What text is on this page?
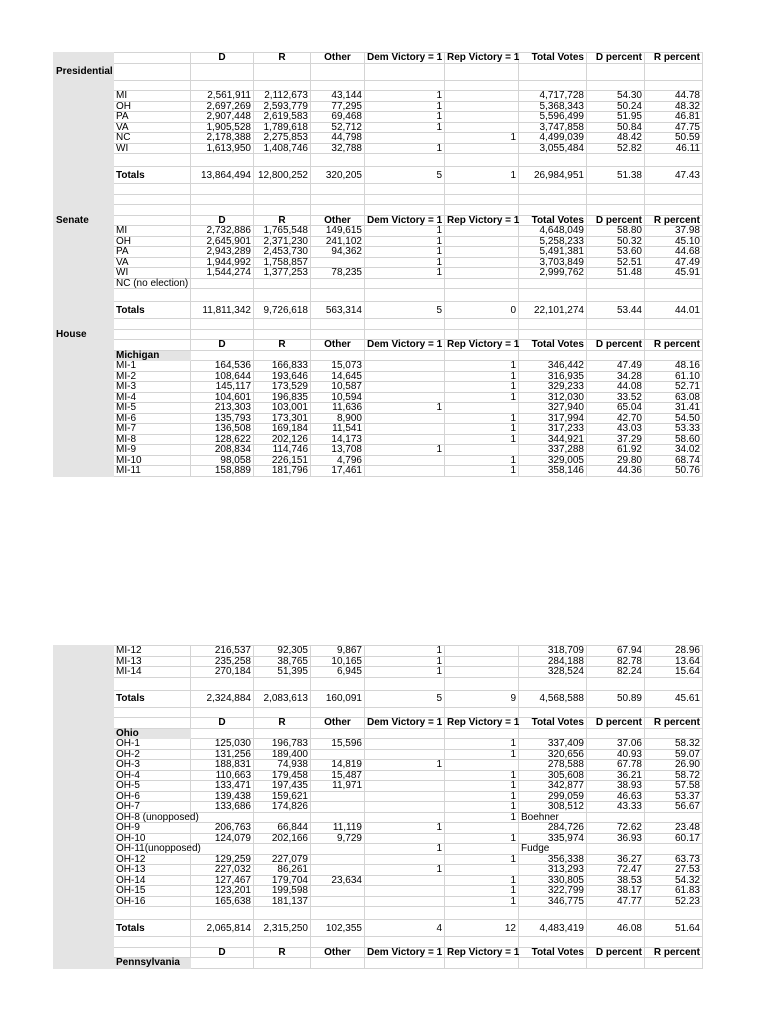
		D	R	Other	Dem Victory = 1	Rep Victory = 1	Total Votes	D percent	R percent
Presidential									

	MI	2,561,911	2,112,673	43,144	1		4,717,728	54.30	44.78
	OH	2,697,269	2,593,779	77,295	1		5,368,343	50.24	48.32
	PA	2,907,448	2,619,583	69,468	1		5,596,499	51.95	46.81
	VA	1,905,528	1,789,618	52,712	1		3,747,858	50.84	47.75
	NC	2,178,388	2,275,853	44,798		1	4,499,039	48.42	50.59
	WI	1,613,950	1,408,746	32,788	1		3,055,484	52.82	46.11

	Totals	13,864,494	12,800,252	320,205	5	1	26,984,951	51.38	47.43

Senate		D	R	Other	Dem Victory = 1	Rep Victory = 1	Total Votes	D percent	R percent
	MI	2,732,886	1,765,548	149,615	1		4,648,049	58.80	37.98
	OH	2,645,901	2,371,230	241,102	1		5,258,233	50.32	45.10
	PA	2,943,289	2,453,730	94,362	1		5,491,381	53.60	44.68
	VA	1,944,992	1,758,857		1		3,703,849	52.51	47.49
	WI	1,544,274	1,377,253	78,235	1		2,999,762	51.48	45.91
	NC (no election)								

	Totals	11,811,342	9,726,618	563,314	5	0	22,101,274	53.44	44.01

House									
		D	R	Other	Dem Victory = 1	Rep Victory = 1	Total Votes	D percent	R percent
	Michigan								
	MI-1	164,536	166,833	15,073		1	346,442	47.49	48.16
	MI-2	108,644	193,646	14,645		1	316,935	34.28	61.10
	MI-3	145,117	173,529	10,587		1	329,233	44.08	52.71
	MI-4	104,601	196,835	10,594		1	312,030	33.52	63.08
	MI-5	213,303	103,001	11,636	1		327,940	65.04	31.41
	MI-6	135,793	173,301	8,900		1	317,994	42.70	54.50
	MI-7	136,508	169,184	11,541		1	317,233	43.03	53.33
	MI-8	128,622	202,126	14,173		1	344,921	37.29	58.60
	MI-9	208,834	114,746	13,708	1		337,288	61.92	34.02
	MI-10	98,058	226,151	4,796		1	329,005	29.80	68.74
	MI-11	158,889	181,796	17,461		1	358,146	44.36	50.76
	MI-12	216,537	92,305	9,867	1		318,709	67.94	28.96
	MI-13	235,258	38,765	10,165	1		284,188	82.78	13.64
	MI-14	270,184	51,395	6,945	1		328,524	82.24	15.64

	Totals	2,324,884	2,083,613	160,091	5	9	4,568,588	50.89	45.61

		D	R	Other	Dem Victory = 1	Rep Victory = 1	Total Votes	D percent	R percent
	Ohio								
	OH-1	125,030	196,783	15,596		1	337,409	37.06	58.32
	OH-2	131,256	189,400			1	320,656	40.93	59.07
	OH-3	188,831	74,938	14,819	1		278,588	67.78	26.90
	OH-4	110,663	179,458	15,487		1	305,608	36.21	58.72
	OH-5	133,471	197,435	11,971		1	342,877	38.93	57.58
	OH-6	139,438	159,621			1	299,059	46.63	53.37
	OH-7	133,686	174,826			1	308,512	43.33	56.67
	OH-8 (unopposed)					1	Boehner		
	OH-9	206,763	66,844	11,119	1		284,726	72.62	23.48
	OH-10	124,079	202,166	9,729		1	335,974	36.93	60.17
	OH-11(unopposed)				1		Fudge		
	OH-12	129,259	227,079			1	356,338	36.27	63.73
	OH-13	227,032	86,261		1		313,293	72.47	27.53
	OH-14	127,467	179,704	23,634		1	330,805	38.53	54.32
	OH-15	123,201	199,598			1	322,799	38.17	61.83
	OH-16	165,638	181,137			1	346,775	47.77	52.23

	Totals	2,065,814	2,315,250	102,355	4	12	4,483,419	46.08	51.64

		D	R	Other	Dem Victory = 1	Rep Victory = 1	Total Votes	D percent	R percent
	Pennsylvania								
